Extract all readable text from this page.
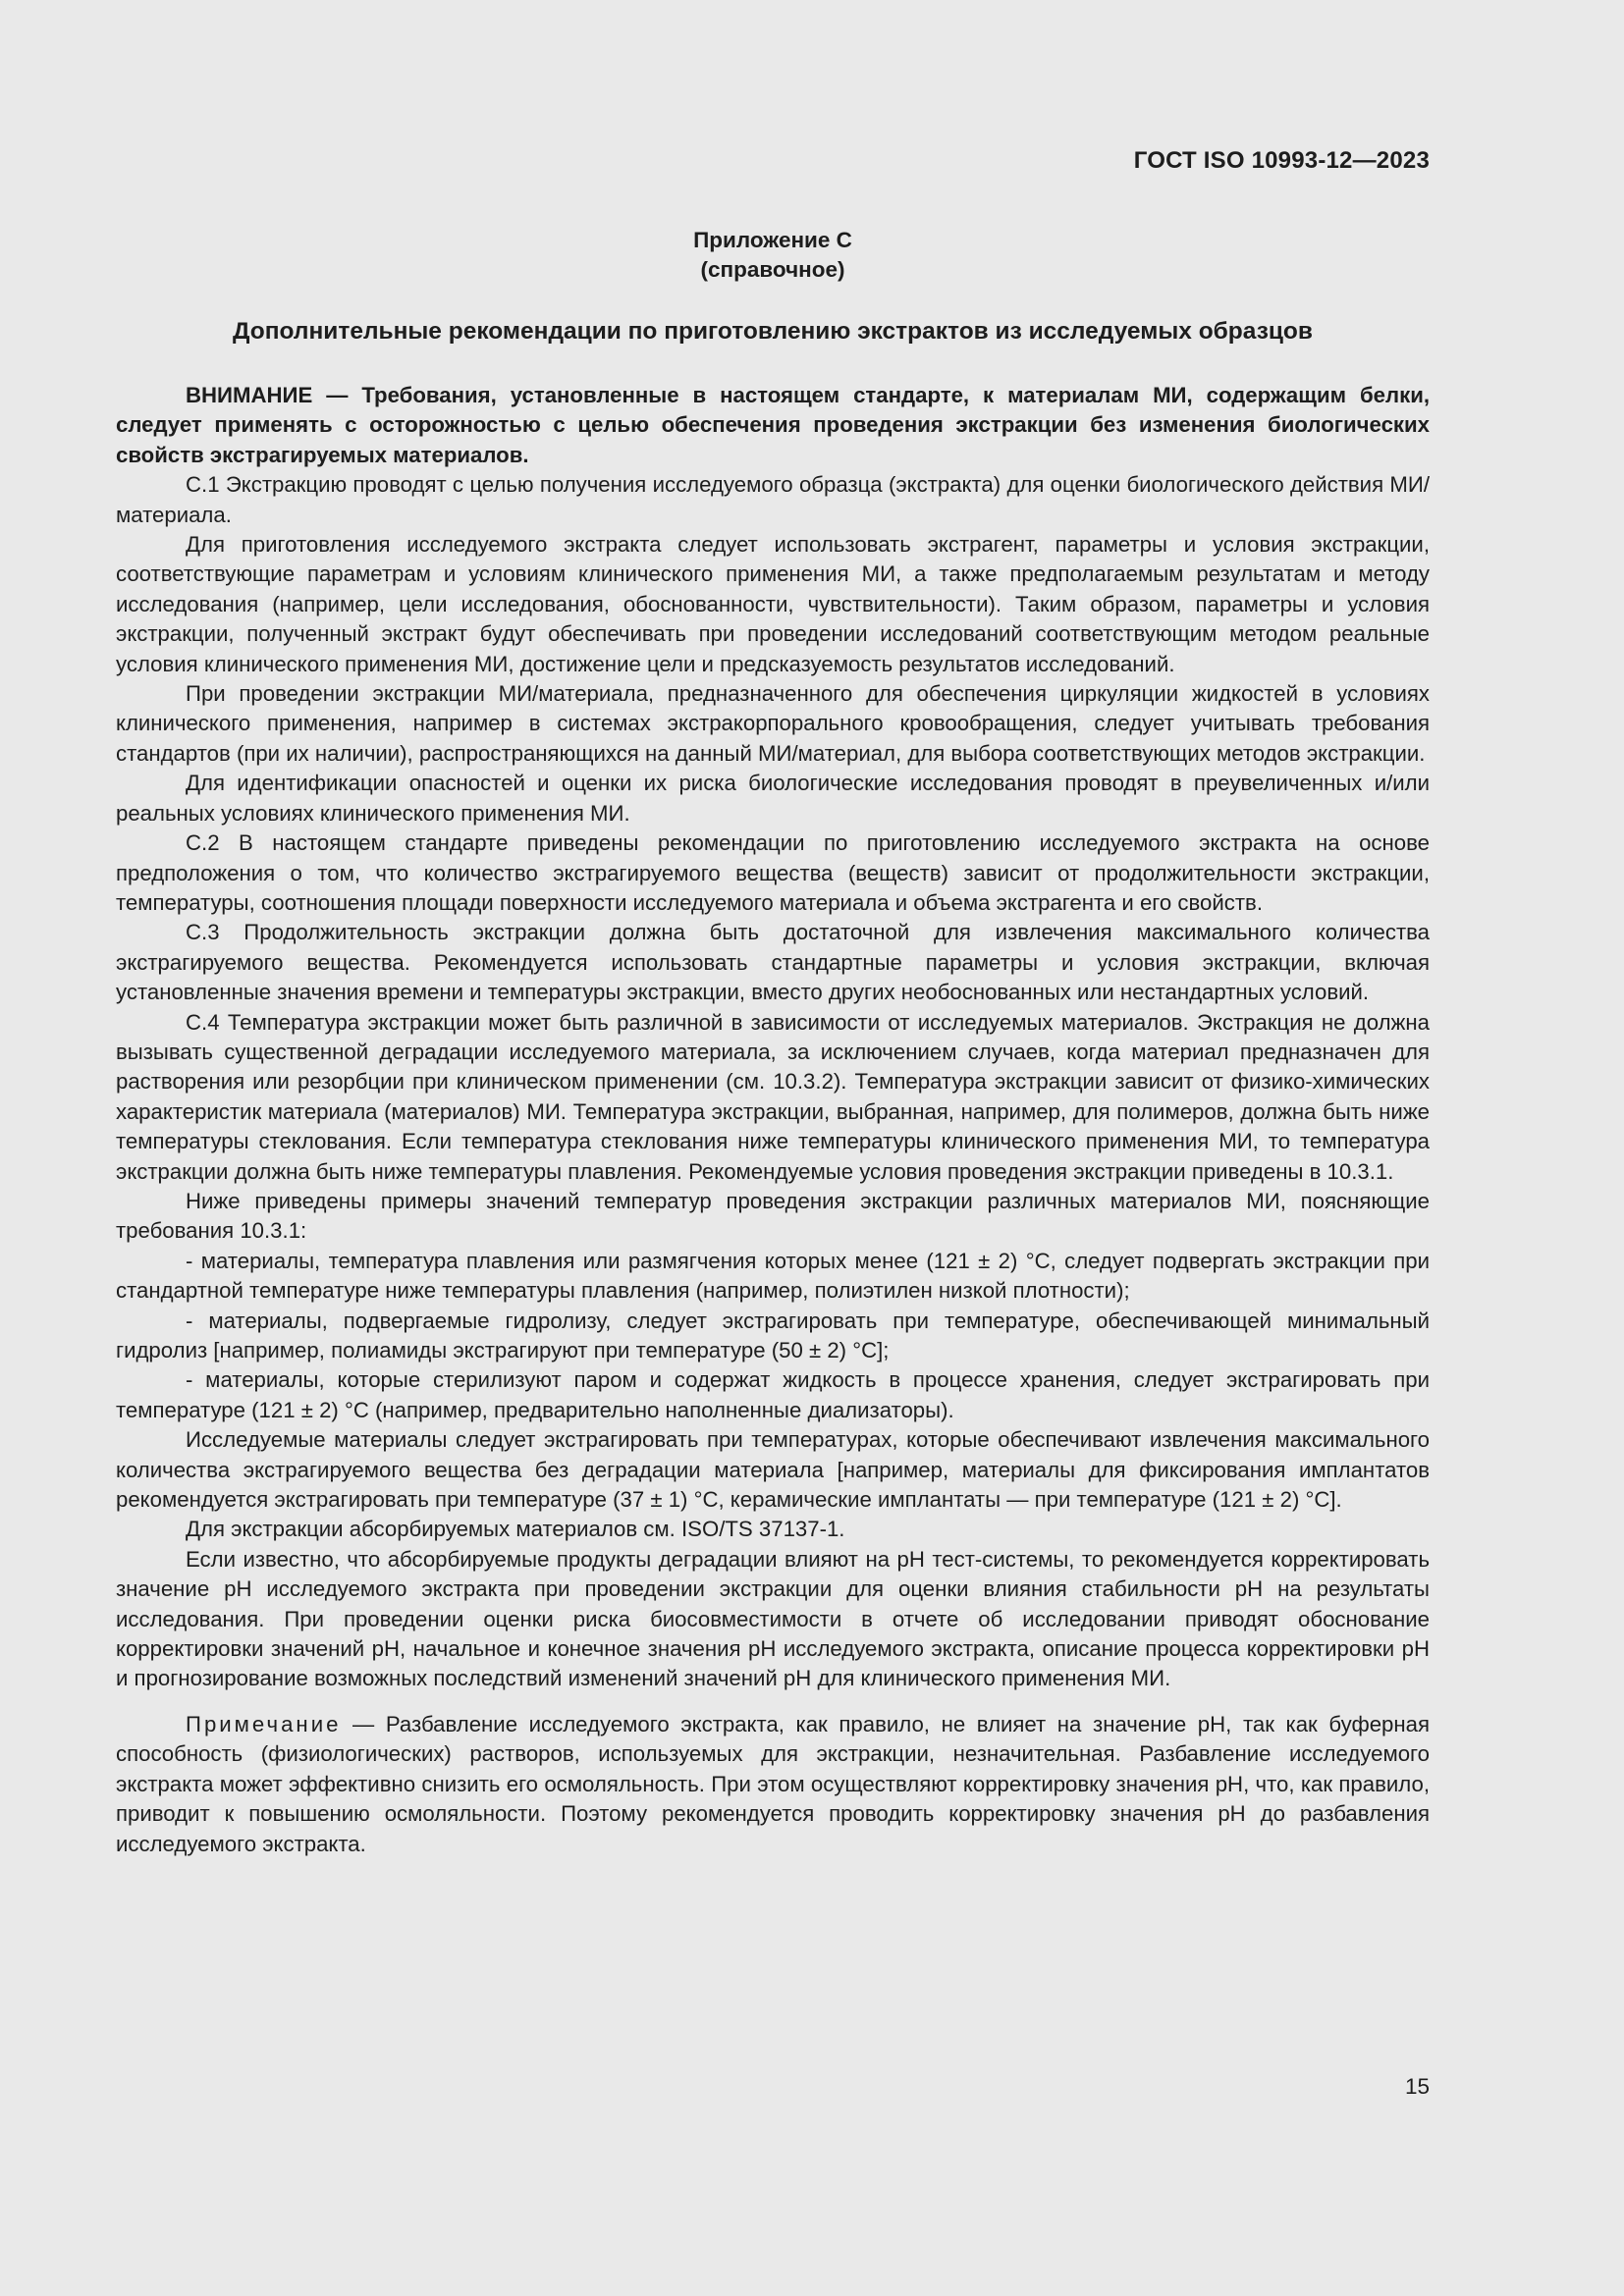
ГОСТ ISO 10993-12—2023
Приложение С
(справочное)
Дополнительные рекомендации по приготовлению экстрактов из исследуемых образцов

ВНИМАНИЕ — Требования, установленные в настоящем стандарте, к материалам МИ, содержащим белки, следует применять с осторожностью с целью обеспечения проведения экстракции без изменения биологических свойств экстрагируемых материалов.

С.1 Экстракцию проводят с целью получения исследуемого образца (экстракта) для оценки биологического действия МИ/материала.

Для приготовления исследуемого экстракта следует использовать экстрагент, параметры и условия экстракции, соответствующие параметрам и условиям клинического применения МИ, а также предполагаемым результатам и методу исследования (например, цели исследования, обоснованности, чувствительности). Таким образом, параметры и условия экстракции, полученный экстракт будут обеспечивать при проведении исследований соответствующим методом реальные условия клинического применения МИ, достижение цели и предсказуемость результатов исследований.

При проведении экстракции МИ/материала, предназначенного для обеспечения циркуляции жидкостей в условиях клинического применения, например в системах экстракорпорального кровообращения, следует учитывать требования стандартов (при их наличии), распространяющихся на данный МИ/материал, для выбора соответствующих методов экстракции.

Для идентификации опасностей и оценки их риска биологические исследования проводят в преувеличенных и/или реальных условиях клинического применения МИ.

С.2 В настоящем стандарте приведены рекомендации по приготовлению исследуемого экстракта на основе предположения о том, что количество экстрагируемого вещества (веществ) зависит от продолжительности экстракции, температуры, соотношения площади поверхности исследуемого материала и объема экстрагента и его свойств.

С.3 Продолжительность экстракции должна быть достаточной для извлечения максимального количества экстрагируемого вещества. Рекомендуется использовать стандартные параметры и условия экстракции, включая установленные значения времени и температуры экстракции, вместо других необоснованных или нестандартных условий.

С.4 Температура экстракции может быть различной в зависимости от исследуемых материалов. Экстракция не должна вызывать существенной деградации исследуемого материала, за исключением случаев, когда материал предназначен для растворения или резорбции при клиническом применении (см. 10.3.2). Температура экстракции зависит от физико-химических характеристик материала (материалов) МИ. Температура экстракции, выбранная, например, для полимеров, должна быть ниже температуры стеклования. Если температура стеклования ниже температуры клинического применения МИ, то температура экстракции должна быть ниже температуры плавления. Рекомендуемые условия проведения экстракции приведены в 10.3.1.

Ниже приведены примеры значений температур проведения экстракции различных материалов МИ, поясняющие требования 10.3.1:

- материалы, температура плавления или размягчения которых менее (121 ± 2) °С, следует подвергать экстракции при стандартной температуре ниже температуры плавления (например, полиэтилен низкой плотности);

- материалы, подвергаемые гидролизу, следует экстрагировать при температуре, обеспечивающей минимальный гидролиз [например, полиамиды экстрагируют при температуре (50 ± 2) °С];

- материалы, которые стерилизуют паром и содержат жидкость в процессе хранения, следует экстрагировать при температуре (121 ± 2) °С (например, предварительно наполненные диализаторы).

Исследуемые материалы следует экстрагировать при температурах, которые обеспечивают извлечения максимального количества экстрагируемого вещества без деградации материала [например, материалы для фиксирования имплантатов рекомендуется экстрагировать при температуре (37 ± 1) °С, керамические имплантаты — при температуре (121 ± 2) °С].

Для экстракции абсорбируемых материалов см. ISO/TS 37137-1.

Если известно, что абсорбируемые продукты деградации влияют на pH тест-системы, то рекомендуется корректировать значение pH исследуемого экстракта при проведении экстракции для оценки влияния стабильности pH на результаты исследования. При проведении оценки риска биосовместимости в отчете об исследовании приводят обоснование корректировки значений pH, начальное и конечное значения pH исследуемого экстракта, описание процесса корректировки pH и прогнозирование возможных последствий изменений значений pH для клинического применения МИ.

Примечание — Разбавление исследуемого экстракта, как правило, не влияет на значение pH, так как буферная способность (физиологических) растворов, используемых для экстракции, незначительная. Разбавление исследуемого экстракта может эффективно снизить его осмоляльность. При этом осуществляют корректировку значения pH, что, как правило, приводит к повышению осмоляльности. Поэтому рекомендуется проводить корректировку значения pH до разбавления исследуемого экстракта.

15
